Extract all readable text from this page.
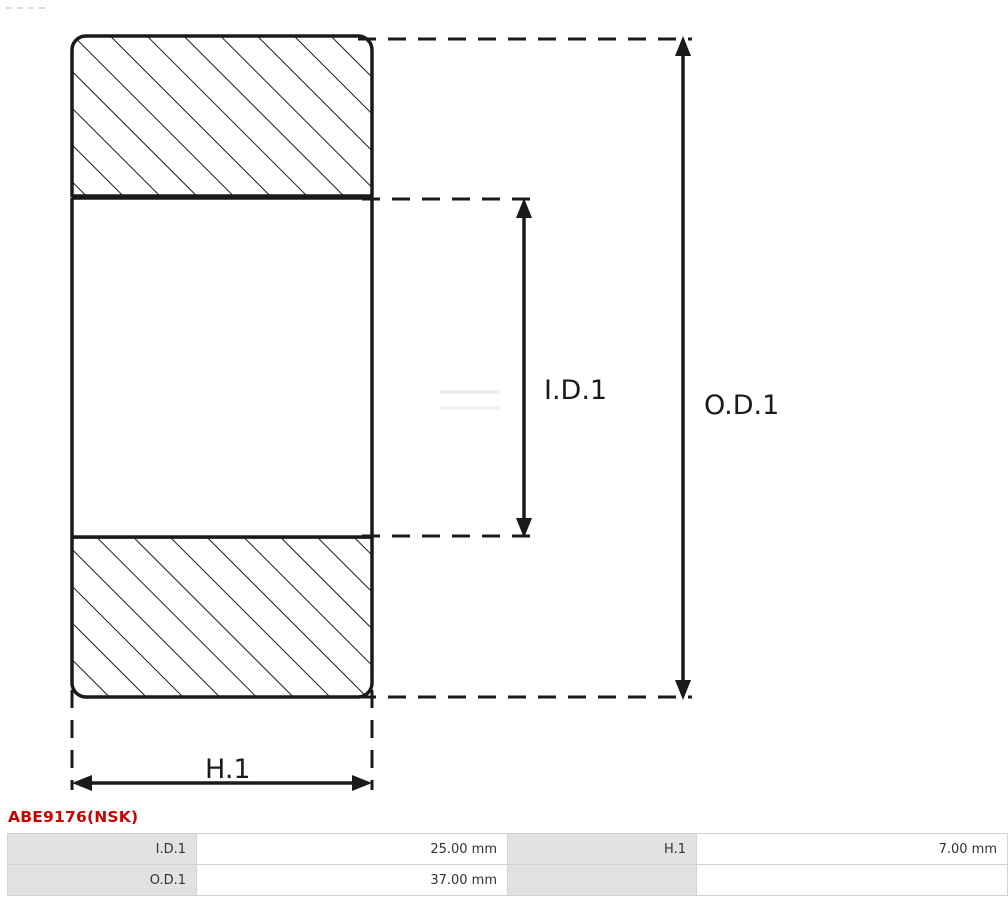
I.D.1	O.D.1
H.1
ABE9176(NSK)
I.D.1	25.00 mm	H.1	7.00 mm
O.D.1	37.00 mm		
